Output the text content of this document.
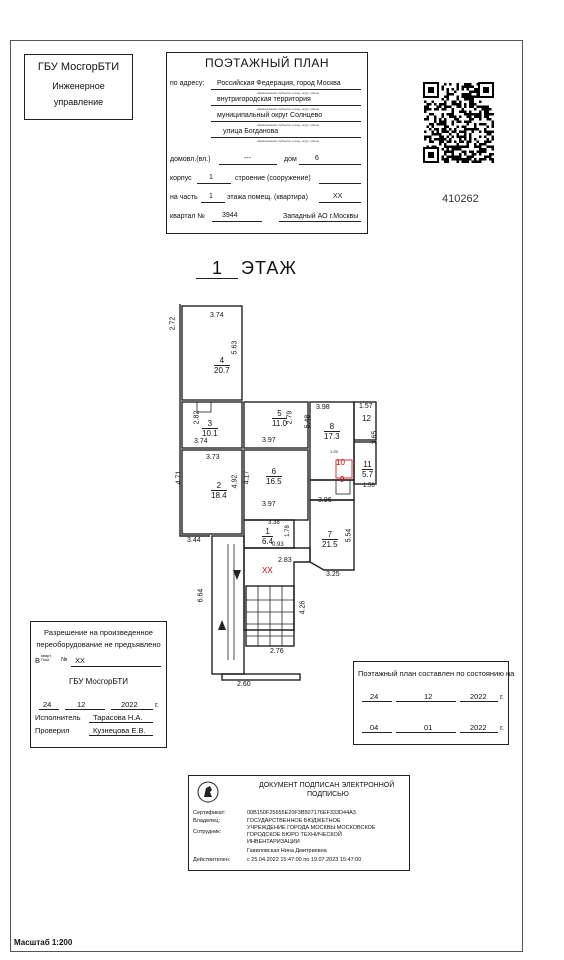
ГБУ МосгорБТИ
Инженерное
управление
ПОЭТАЖНЫЙ ПЛАН
по адресу: Российская Федерация, город Москва
наименование субъекта, город, округ, улицы
внутригородская территория
наименование субъекта, город, округ, улицы
муниципальный округ Солнцево
наименование субъекта, город, округ, улицы
улица Богданова
наименование субъекта, город, округ, улицы
домовл.(вл.)	---	дом	6
корпус 1	строение (сооружение)
на часть 1 этажа помещ. (квартира)	XX
квартал № 3944	Западный АО г.Москвы
410262
1 ЭТАЖ
4
20.7
3
10.1
5
11.0	8
17.3
11
5.7
2
18.4
6
16.5
10
9
12
7
21.5
1
6.4
3.74
2.72
5.63
2.82
3.74
2.79
3.97
3.98
5.48
1.57
3.65
3.73
4.71	4.92 4.17
3.97
3.96
1.56
1.25
3.38
1.78
0.93
2.83
5.54
3.44
3.25
6.64
4.26
2.76
2.60
XX
Разрешение на произведенное
переоборудование не предъявлено
В
кварт. Пом.	№ XX
ГБУ МосгорБТИ
24	12	2022 г.
Исполнитель Тарасова Н.А.
Проверил	Кузнецова Е.В.
Поэтажный план составлен по состоянию на
24	12	2022 г.
04	01	2022 г.
ДОКУМЕНТ ПОДПИСАН ЭЛЕКТРОННОЙ
ПОДПИСЬЮ
Сертификат:	00B150F25655E20F3B507176EF333D44A3
Владелец:	ГОСУДАРСТВЕННОЕ БЮДЖЕТНОЕ
УЧРЕЖДЕНИЕ ГОРОДА МОСКВЫ МОСКОВСКОЕ
Сотрудник:	ГОРОДСКОЕ БЮРО ТЕХНИЧЕСКОЙ
ИНВЕНТАРИЗАЦИИ
Гавиловская Нина Дмитриевна
Действителен:	с 25.04.2022 15:47:00 по 19.07.2023 15:47:00
Масштаб 1:200
